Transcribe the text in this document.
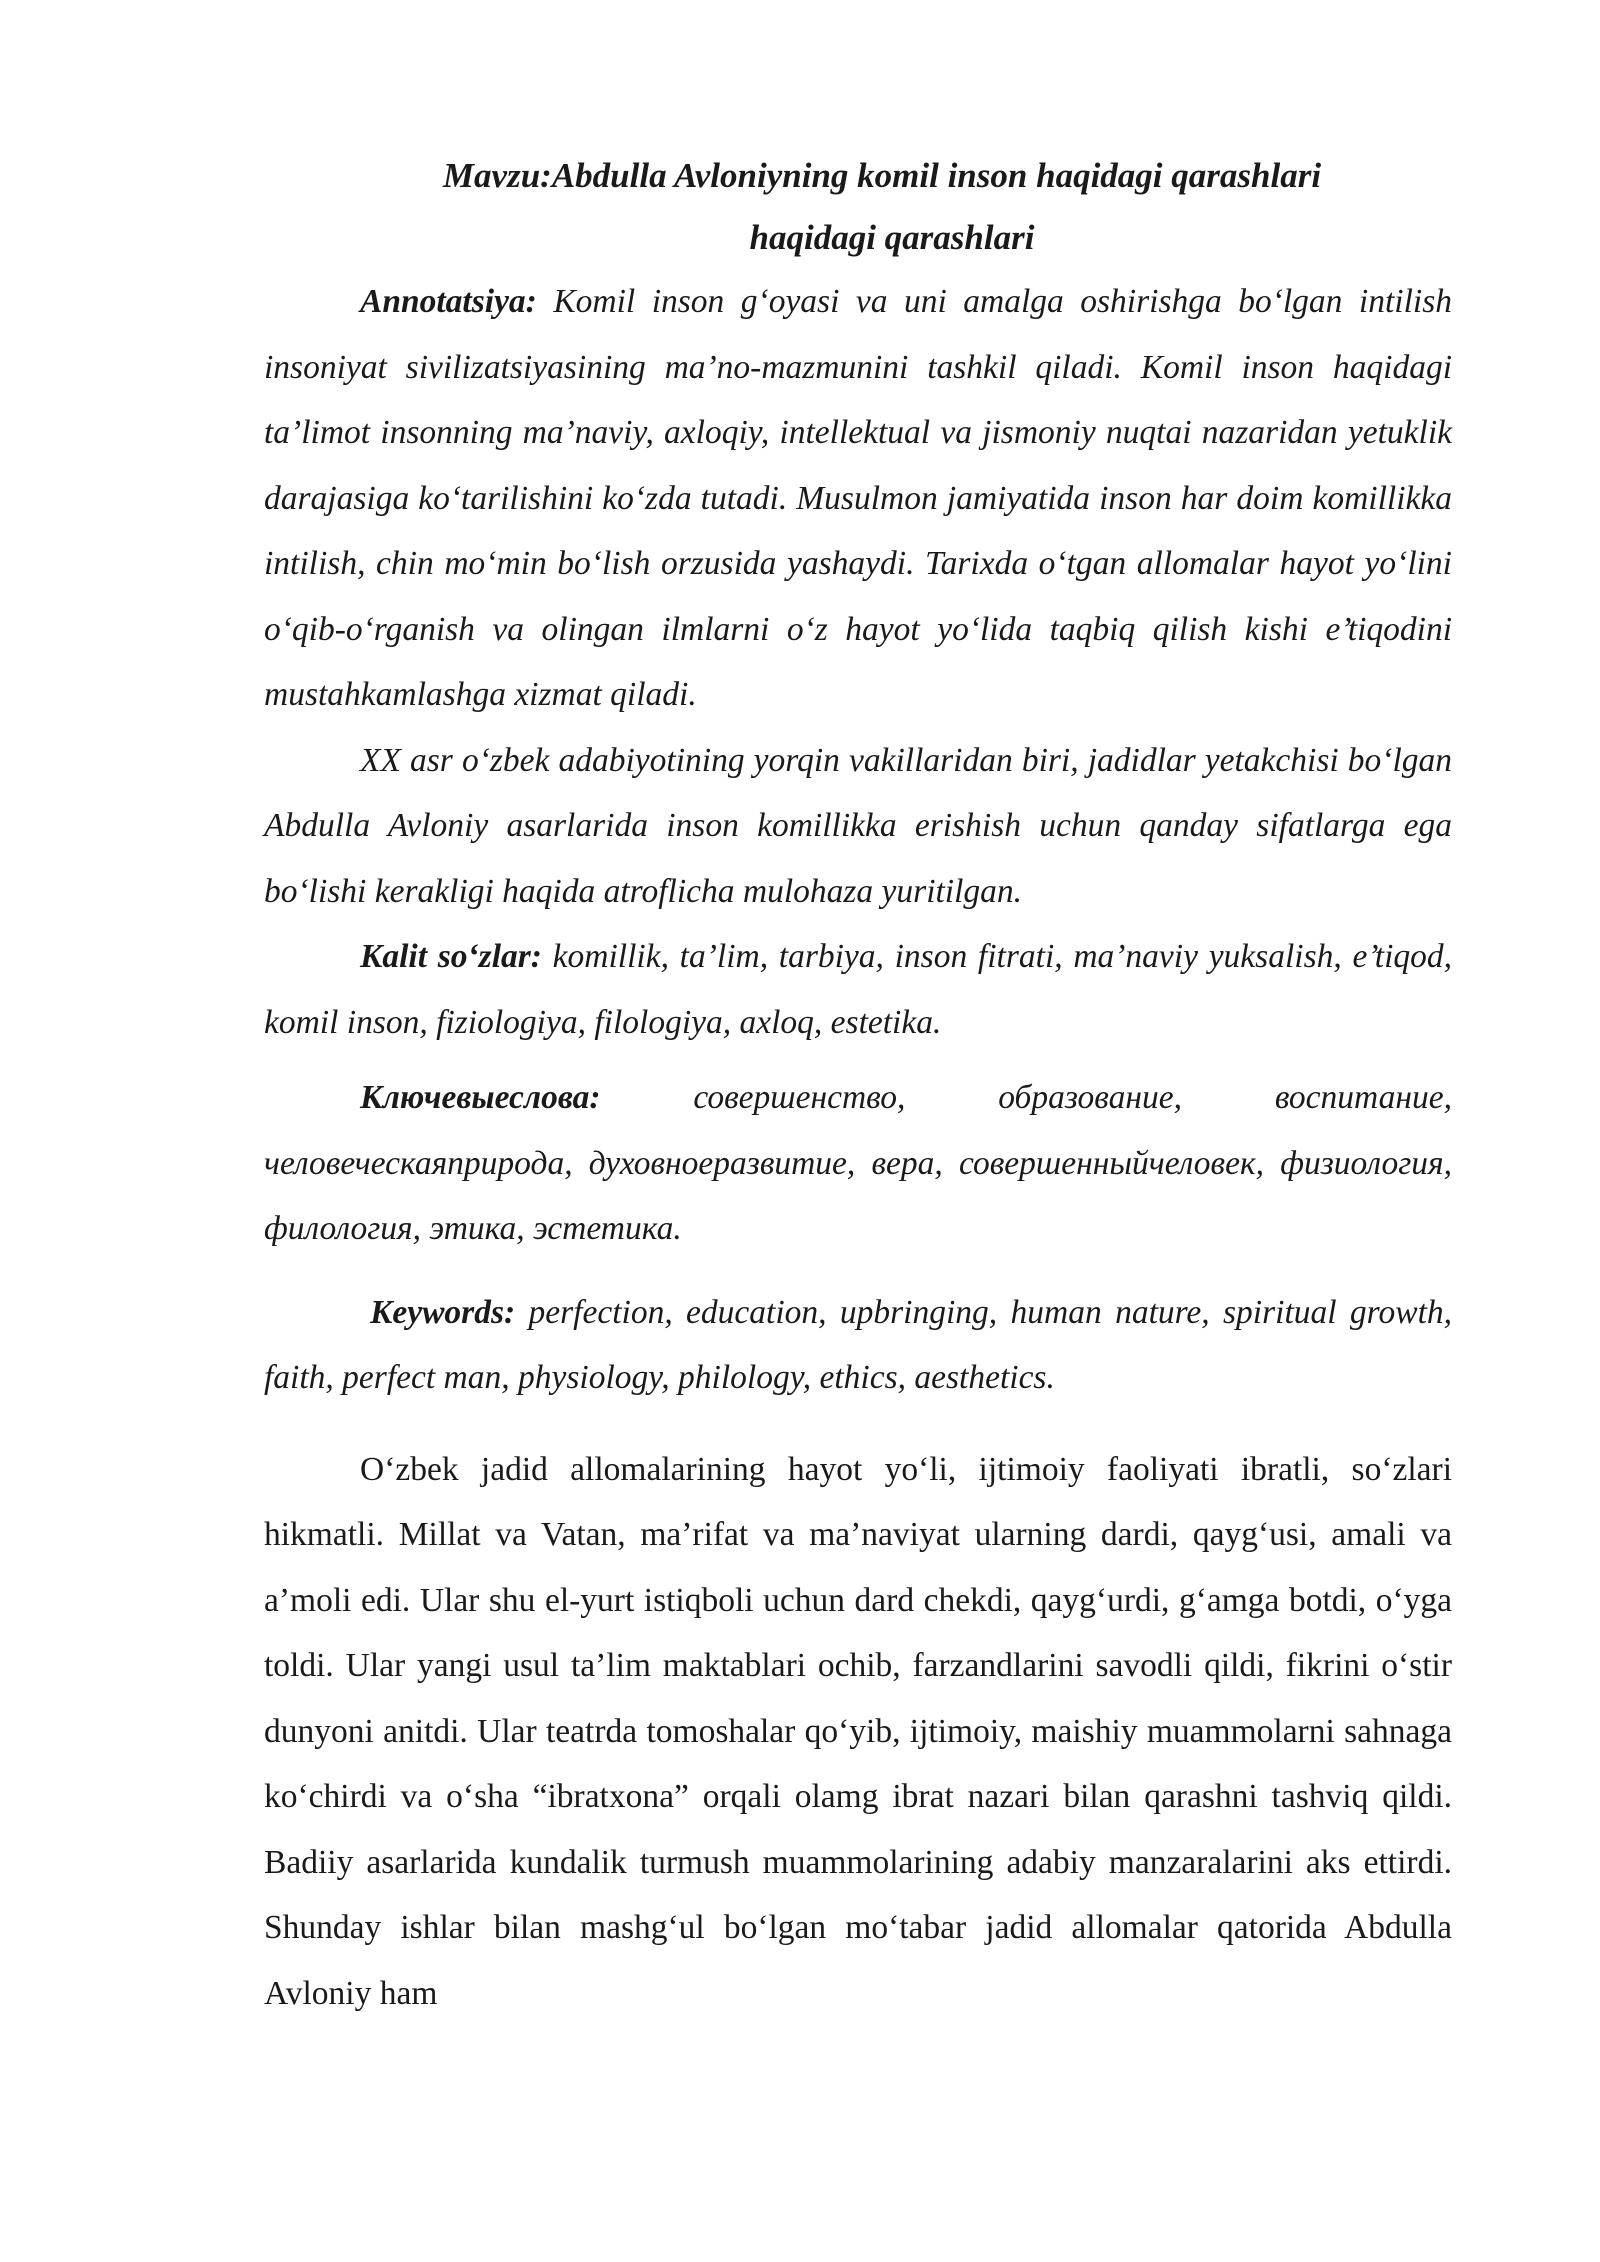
Mavzu:Abdulla Avloniyning komil inson haqidagi qarashlari
haqidagi qarashlari

Annotatsiya: Komil inson g‘oyasi va uni amalga oshirishga bo‘lgan intilish insoniyat sivilizatsiyasining ma’no-mazmunini tashkil qiladi. Komil inson haqidagi ta’limot insonning ma’naviy, axloqiy, intellektual va jismoniy nuqtai nazaridan yetuklik darajasiga ko‘tarilishini ko‘zda tutadi. Musulmon jamiyatida inson har doim komillikka intilish, chin mo‘min bo‘lish orzusida yashaydi. Tarixda o‘tgan allomalar hayot yo‘lini o‘qib-o‘rganish va olingan ilmlarni o‘z hayot yo‘lida taqbiq qilish kishi e’tiqodini mustahkamlashga xizmat qiladi.

XX asr o‘zbek adabiyotining yorqin vakillaridan biri, jadidlar yetakchisi bo‘lgan Abdulla Avloniy asarlarida inson komillikka erishish uchun qanday sifatlarga ega bo‘lishi kerakligi haqida atroflicha mulohaza yuritilgan.

Kalit so‘zlar: komillik, ta’lim, tarbiya, inson fitrati, ma’naviy yuksalish, e’tiqod, komil inson, fiziologiya, filologiya, axloq, estetika.

Ключевыеслова: совершенство, образование, воспитание, человеческаяприрода, духовноеразвитие, вера, совершенныйчеловек, физиология, филология, этика, эстетика.

Keywords: perfection, education, upbringing, human nature, spiritual growth, faith, perfect man, physiology, philology, ethics, aesthetics.

O‘zbek jadid allomalarining hayot yo‘li, ijtimoiy faoliyati ibratli, so‘zlari hikmatli. Millat va Vatan, ma’rifat va ma’naviyat ularning dardi, qayg‘usi, amali va a’moli edi. Ular shu el-yurt istiqboli uchun dard chekdi, qayg‘urdi, g‘amga botdi, o‘yga toldi. Ular yangi usul ta’lim maktablari ochib, farzandlarini savodli qildi, fikrini o‘stir dunyoni anitdi. Ular teatrda tomoshalar qo‘yib, ijtimoiy, maishiy muammolarni sahnaga ko‘chirdi va o‘sha “ibratxona” orqali olamg ibrat nazari bilan qarashni tashviq qildi. Badiiy asarlarida kundalik turmush muammolarining adabiy manzaralarini aks ettirdi. Shunday ishlar bilan mashg‘ul bo‘lgan mo‘tabar jadid allomalar qatorida Abdulla Avloniy ham
